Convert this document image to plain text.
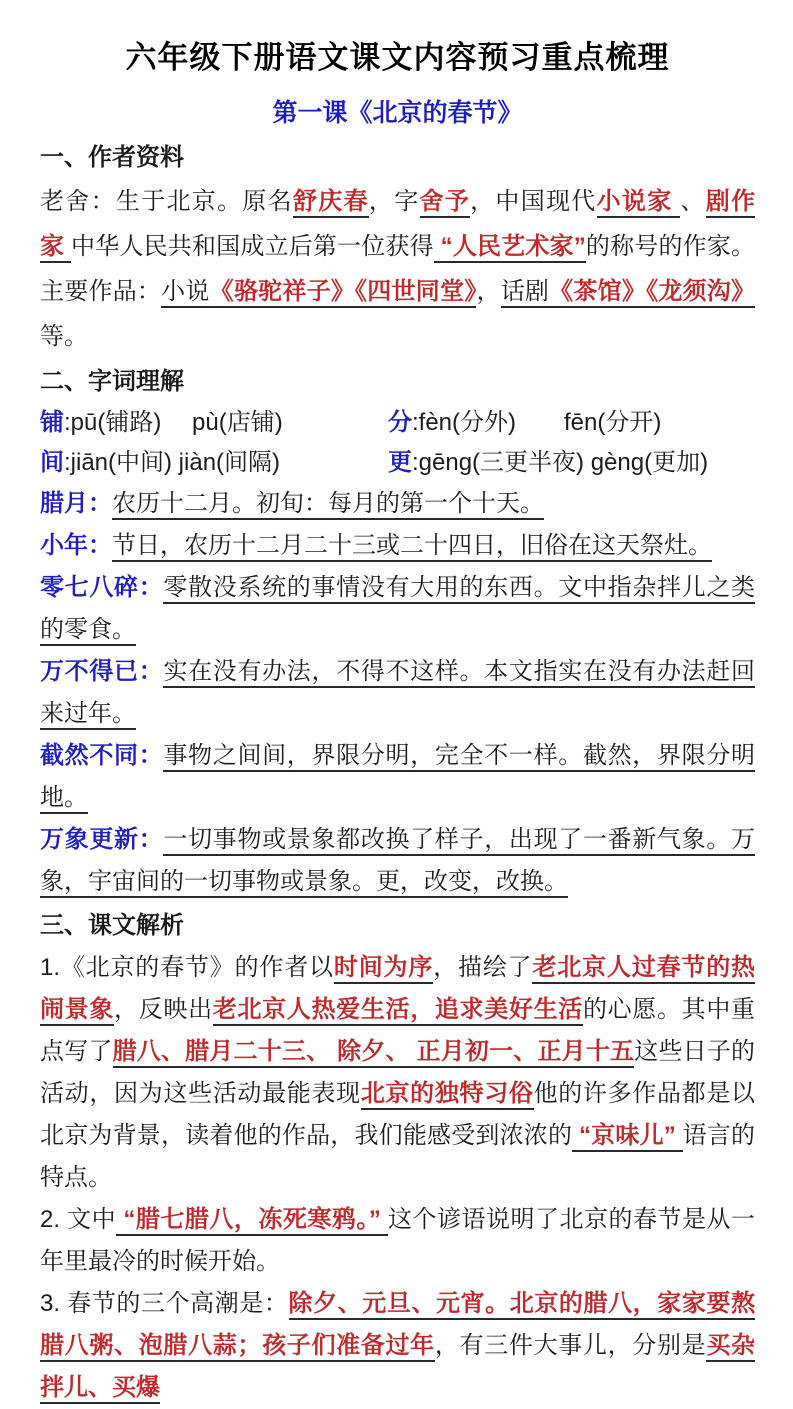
六年级下册语文课文内容预习重点梳理
第一课《北京的春节》
一、作者资料

老舍：生于北京。原名舒庆春，字舍予，中国现代小说家 、剧作家 中华人民共和国成立后第一位获得 “人民艺术家”的称号的作家。主要作品：小说《骆驼祥子》《四世同堂》，话剧《茶馆》《龙须沟》等。

二、字词理解
铺:pū(铺路)　 pù(店铺)	分:fèn(分外)　　fēn(分开)
间:jiān(中间) jiàn(间隔)	更:gēng(三更半夜) gèng(更加)

腊月：农历十二月。初旬：每月的第一个十天。

小年：节日，农历十二月二十三或二十四日，旧俗在这天祭灶。

零七八碎：零散没系统的事情没有大用的东西。文中指杂拌儿之类的零食。

万不得已：实在没有办法，不得不这样。本文指实在没有办法赶回来过年。

截然不同：事物之间间，界限分明，完全不一样。截然，界限分明地。

万象更新：一切事物或景象都改换了样子，出现了一番新气象。万象，宇宙间的一切事物或景象。更，改变，改换。

三、课文解析

1.《北京的春节》的作者以时间为序，描绘了老北京人过春节的热闹景象，反映出老北京人热爱生活，追求美好生活的心愿。其中重点写了腊八、腊月二十三、 除夕、 正月初一、正月十五这些日子的活动，因为这些活动最能表现北京的独特习俗他的许多作品都是以北京为背景，读着他的作品，我们能感受到浓浓的 “京味儿” 语言的特点。

2. 文中 “腊七腊八，冻死寒鸦。” 这个谚语说明了北京的春节是从一年里最冷的时候开始。

3. 春节的三个高潮是：除夕、元旦、元宵。北京的腊八，家家要熬腊八粥、泡腊八蒜；孩子们准备过年，有三件大事儿，分别是买杂拌儿、买爆
